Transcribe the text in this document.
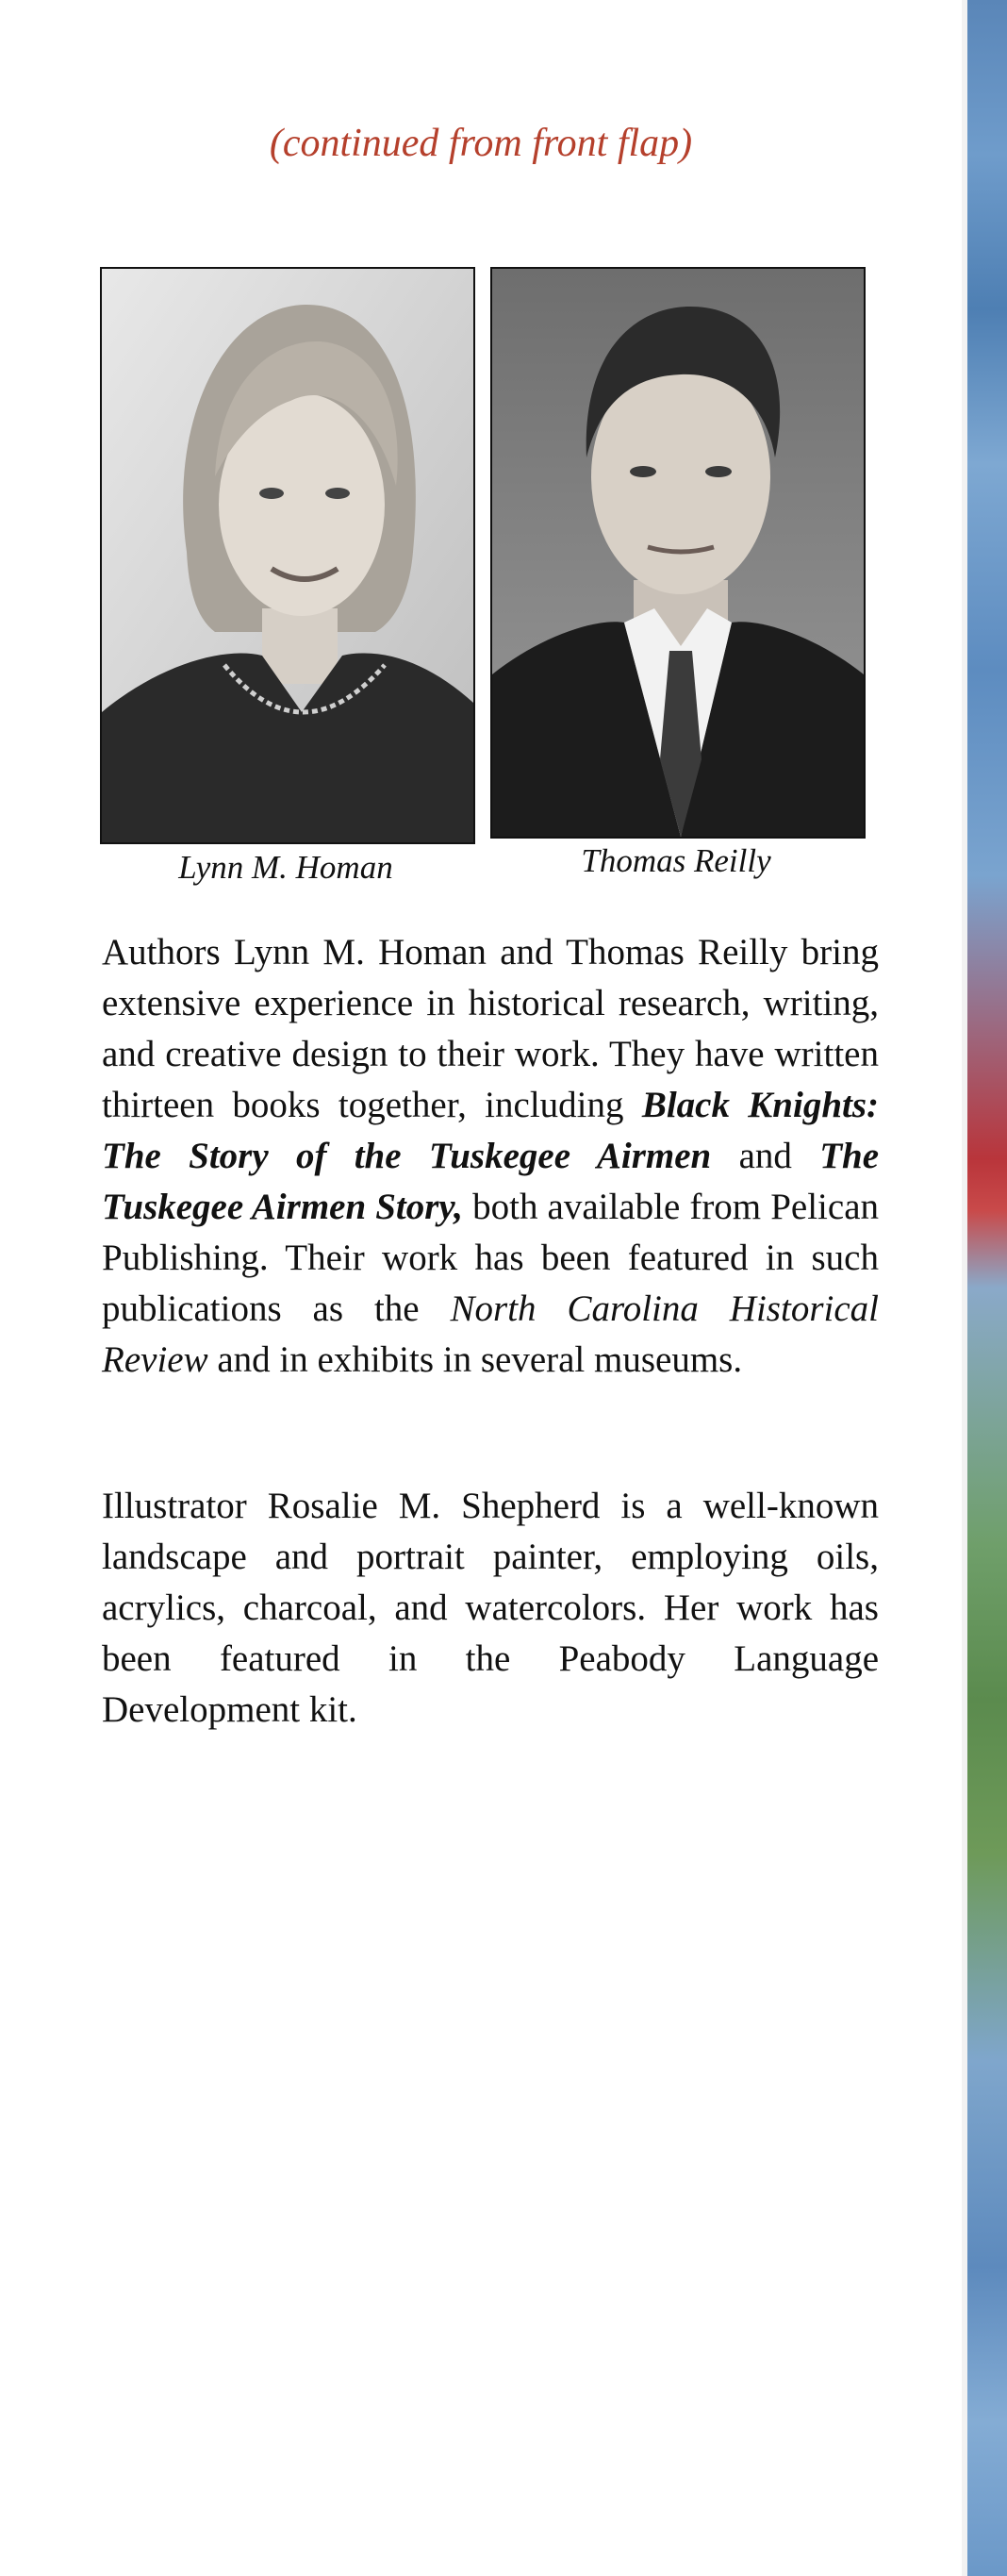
(continued from front flap)

Lynn M. Homan	Thomas Reilly

Authors Lynn M. Homan and Thomas Reilly bring extensive experience in historical research, writing, and creative design to their work. They have written thirteen books together, including Black Knights: The Story of the Tuskegee Airmen and The Tuskegee Airmen Story, both available from Pelican Publishing. Their work has been featured in such publications as the North Carolina Historical Review and in exhibits in several museums.

Illustrator Rosalie M. Shepherd is a well-known landscape and portrait painter, employing oils, acrylics, charcoal, and watercolors. Her work has been featured in the Peabody Language Development kit.
